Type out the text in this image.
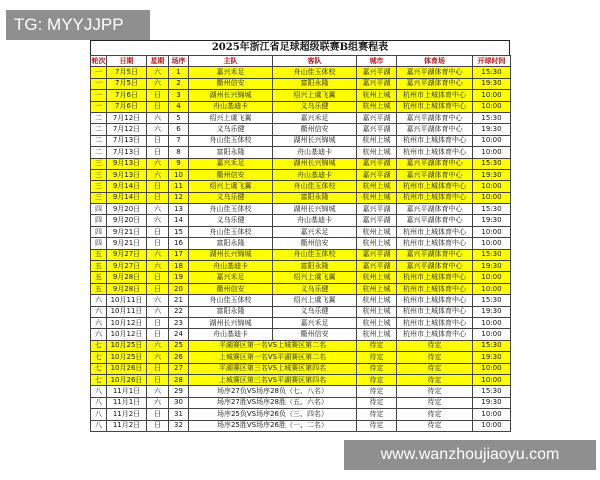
TG: MYYJJPP
2025年浙江省足球超级联赛B组赛程表
轮次	日期	星期	场序	主队	客队	城市	体育场	开球时间
一	7月5日	六	1	嘉兴禾足	舟山佳玉体校	嘉兴平湖	嘉兴平湖体育中心	15:30
一	7月5日	六	2	衢州信安	富阳永隆	嘉兴平湖	嘉兴平湖体育中心	19:30
一	7月6日	日	3	湖州长兴锦城	绍兴上虞飞翼	杭州上城	杭州市上城体育中心	10:00
一	7月6日	日	4	舟山基迪卡	义乌乐健	杭州上城	杭州市上城体育中心	10:00
二	7月12日	六	5	绍兴上虞飞翼	嘉兴禾足	嘉兴平湖	嘉兴平湖体育中心	15:30
二	7月12日	六	6	义乌乐健	衢州信安	嘉兴平湖	嘉兴平湖体育中心	19:30
二	7月13日	日	7	舟山佳玉体校	湖州长兴锦城	杭州上城	杭州市上城体育中心	10:00
二	7月13日	日	8	富阳永隆	舟山基迪卡	杭州上城	杭州市上城体育中心	10:00
三	9月13日	六	9	嘉兴禾足	湖州长兴锦城	嘉兴平湖	嘉兴平湖体育中心	15:30
三	9月13日	六	10	衢州信安	舟山基迪卡	嘉兴平湖	嘉兴平湖体育中心	19:30
三	9月14日	日	11	绍兴上虞飞翼	舟山佳玉体校	杭州上城	杭州市上城体育中心	10:00
三	9月14日	日	12	义乌乐健	富阳永隆	杭州上城	杭州市上城体育中心	10:00
四	9月20日	六	13	舟山佳玉体校	湖州长兴锦城	嘉兴平湖	嘉兴平湖体育中心	15:30
四	9月20日	六	14	义乌乐健	舟山基迪卡	嘉兴平湖	嘉兴平湖体育中心	19:30
四	9月21日	日	15	舟山佳玉体校	嘉兴禾足	杭州上城	杭州市上城体育中心	10:00
四	9月21日	日	16	富阳永隆	衢州信安	杭州上城	杭州市上城体育中心	10:00
五	9月27日	六	17	湖州长兴锦城	舟山佳玉体校	嘉兴平湖	嘉兴平湖体育中心	15:30
五	9月27日	六	18	舟山基迪卡	富阳永隆	嘉兴平湖	嘉兴平湖体育中心	19:30
五	9月28日	日	19	嘉兴禾足	绍兴上虞飞翼	杭州上城	杭州市上城体育中心	10:00
五	9月28日	日	20	衢州信安	义乌乐健	杭州上城	杭州市上城体育中心	10:00
六	10月11日	六	21	舟山佳玉体校	绍兴上虞飞翼	杭州上城	杭州市上城体育中心	15:30
六	10月11日	六	22	富阳永隆	义乌乐健	杭州上城	杭州市上城体育中心	19:30
六	10月12日	日	23	湖州长兴锦城	嘉兴禾足	杭州上城	杭州市上城体育中心	10:00
六	10月12日	日	24	舟山基迪卡	衢州信安	杭州上城	杭州市上城体育中心	10:00
七	10月25日	六	25	平湖赛区第一名VS上城赛区第二名		待定	待定	15:30
七	10月25日	六	26	上城赛区第一名VS平湖赛区第二名		待定	待定	19:30
七	10月26日	日	27	平湖赛区第三名VS上城赛区第四名		待定	待定	10:00
七	10月26日	日	28	上城赛区第三名VS平湖赛区第四名		待定	待定	10:00
八	11月1日	六	29	场序27负VS场序28负（七、八名）		待定	待定	15:30
八	11月1日	六	30	场序27胜VS场序28胜（五、六名）		待定	待定	19:30
八	11月2日	日	31	场序25负VS场序26负（三、四名）		待定	待定	10:00
八	11月2日	日	32	场序25胜VS场序26胜（一、二名）		待定	待定	10:00
www.wanzhoujiaoyu.com
